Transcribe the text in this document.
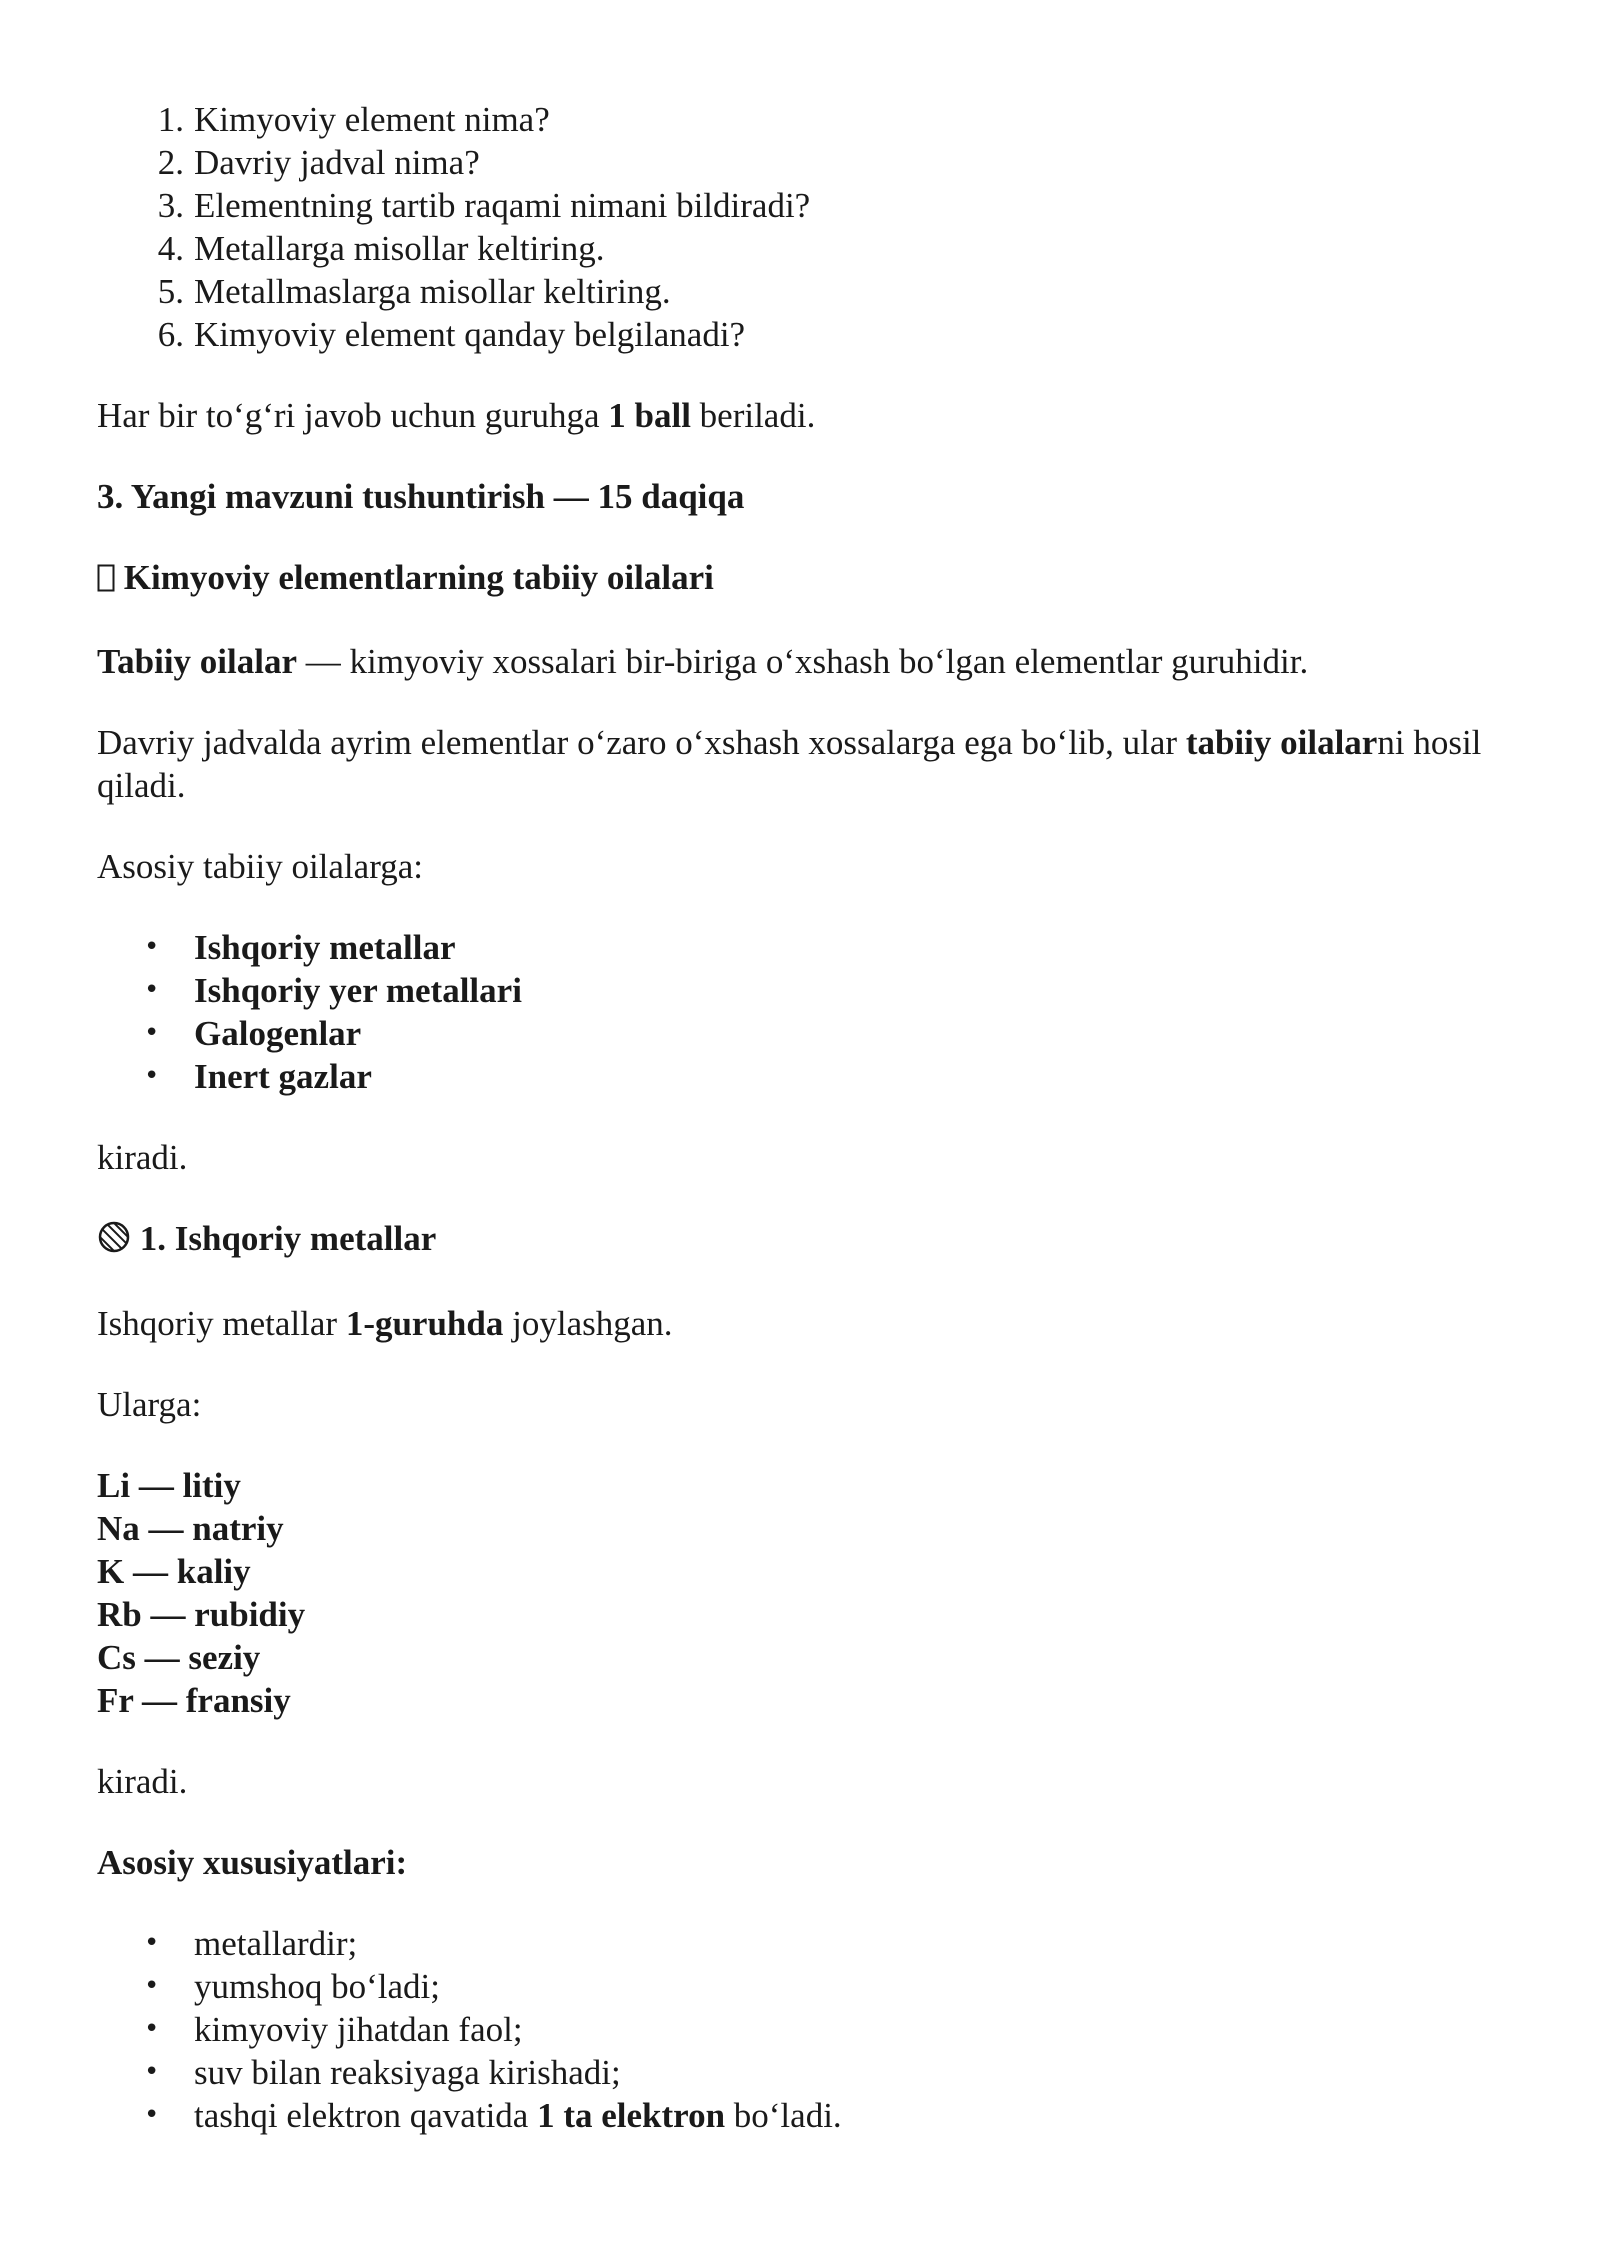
1. Kimyoviy element nima?
2. Davriy jadval nima?
3. Elementning tartib raqami nimani bildiradi?
4. Metallarga misollar keltiring.
5. Metallmaslarga misollar keltiring.
6. Kimyoviy element qanday belgilanadi?

Har bir to‘g‘ri javob uchun guruhga 1 ball beriladi.

3. Yangi mavzuni tushuntirish — 15 daqiqa

Kimyoviy elementlarning tabiiy oilalari

Tabiiy oilalar — kimyoviy xossalari bir-biriga o‘xshash bo‘lgan elementlar guruhidir.

Davriy jadvalda ayrim elementlar o‘zaro o‘xshash xossalarga ega bo‘lib, ular tabiiy oilalarni hosil qiladi.

Asosiy tabiiy oilalarga:

• Ishqoriy metallar
• Ishqoriy yer metallari
• Galogenlar
• Inert gazlar

kiradi.

1. Ishqoriy metallar

Ishqoriy metallar 1-guruhda joylashgan.

Ularga:

Li — litiy
Na — natriy
K — kaliy
Rb — rubidiy
Cs — seziy
Fr — fransiy

kiradi.

Asosiy xususiyatlari:

• metallardir;
• yumshoq bo‘ladi;
• kimyoviy jihatdan faol;
• suv bilan reaksiyaga kirishadi;
• tashqi elektron qavatida 1 ta elektron bo‘ladi.
